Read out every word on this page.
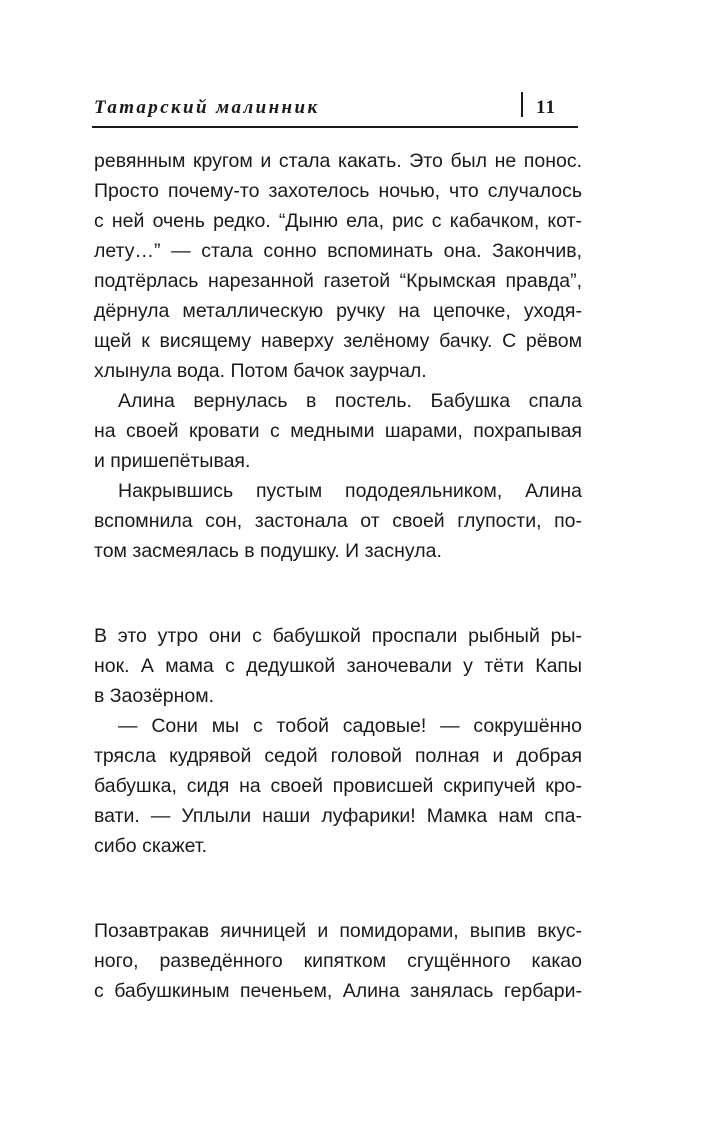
Татарский малинник	11
ревянным кругом и стала какать. Это был не понос.
Просто почему-то захотелось ночью, что случалось
с ней очень редко. “Дыню ела, рис с кабачком, кот-
лету…” — стала сонно вспоминать она. Закончив,
подтёрлась нарезанной газетой “Крымская правда”,
дёрнула металлическую ручку на цепочке, уходя-
щей к висящему наверху зелёному бачку. С рёвом
хлынула вода. Потом бачок заурчал.
Алина вернулась в постель. Бабушка спала
на своей кровати с медными шарами, похрапывая
и пришепётывая.
Накрывшись пустым пододеяльником, Алина
вспомнила сон, застонала от своей глупости, по-
том засмеялась в подушку. И заснула.
В это утро они с бабушкой проспали рыбный ры-
нок. А мама с дедушкой заночевали у тёти Капы
в Заозёрном.
— Сони мы с тобой садовые! — сокрушённо
трясла кудрявой седой головой полная и добрая
бабушка, сидя на своей провисшей скрипучей кро-
вати. — Уплыли наши луфарики! Мамка нам спа-
сибо скажет.
Позавтракав яичницей и помидорами, выпив вкус-
ного, разведённого кипятком сгущённого какао
с бабушкиным печеньем, Алина занялась гербари-
